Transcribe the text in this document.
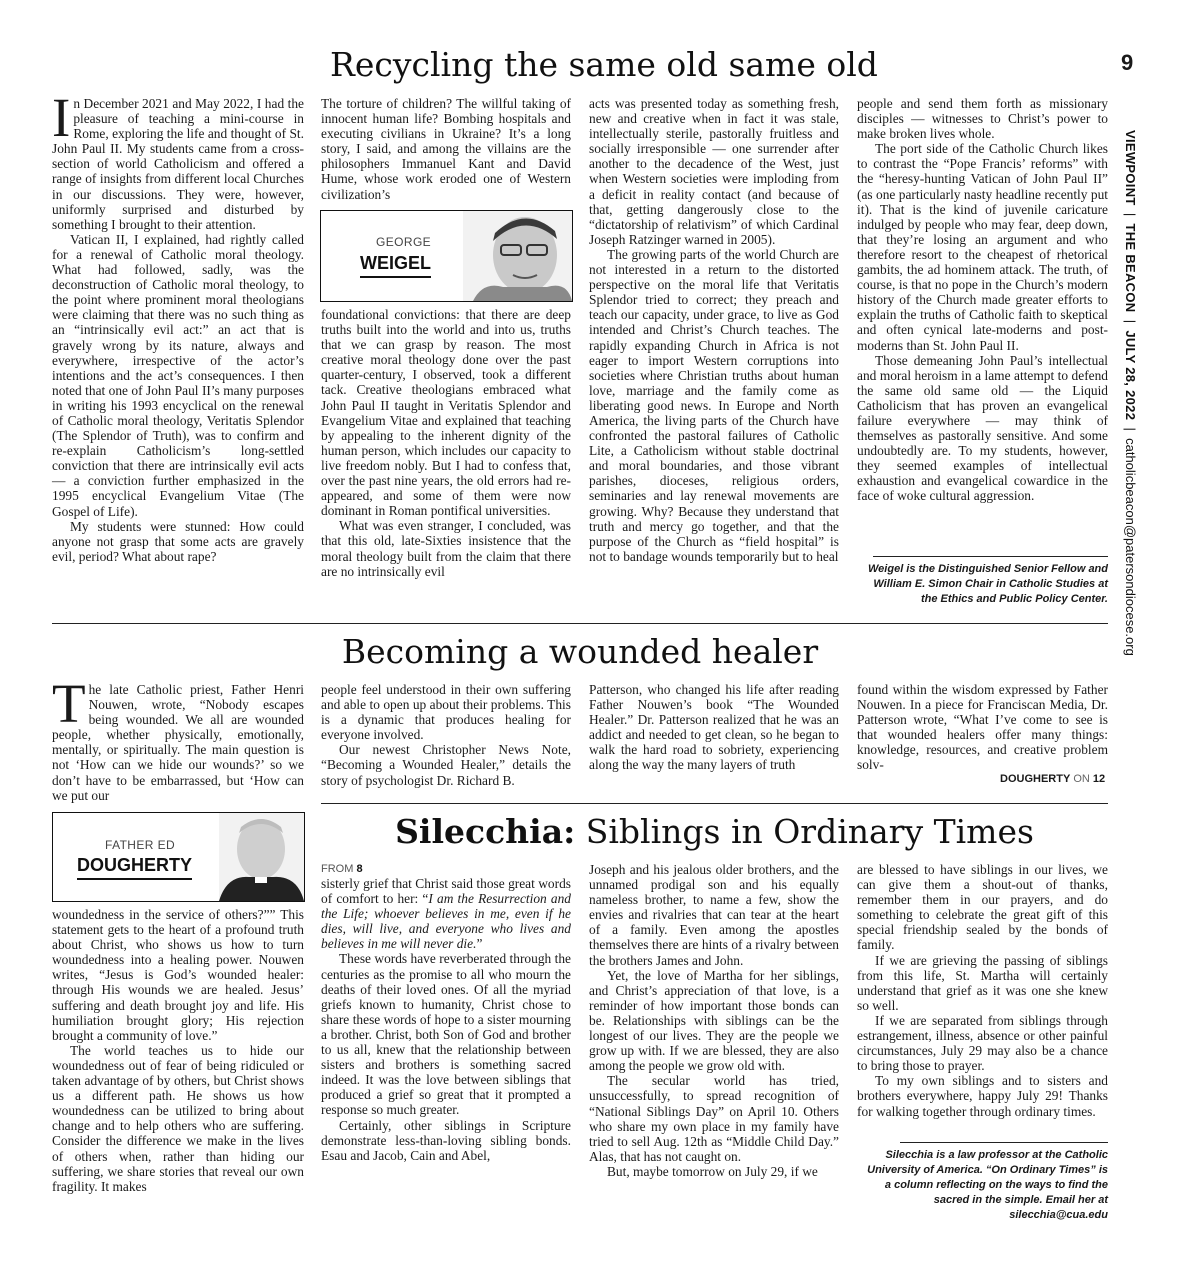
9
VIEWPOINT  |  THE BEACON  |  JULY 28, 2022  |  catholicbeacon@patersondiocese.org
Recycling the same old same old

In December 2021 and May 2022, I had the pleasure of teaching a mini-course in Rome, exploring the life and thought of St. John Paul II. My students came from a cross-section of world Catholicism and offered a range of insights from different local Churches in our discussions. They were, however, uniformly surprised and disturbed by something I brought to their attention.

Vatican II, I explained, had rightly called for a renewal of Catholic moral theology. What had followed, sadly, was the deconstruction of Catholic moral theology, to the point where prominent moral theologians were claiming that there was no such thing as an “intrinsically evil act:” an act that is gravely wrong by its nature, always and everywhere, irrespective of the actor’s intentions and the act’s consequences. I then noted that one of John Paul II’s many purposes in writing his 1993 encyclical on the renewal of Catholic moral theology, Veritatis Splendor (The Splendor of Truth), was to confirm and re-explain Catholicism’s long-settled conviction that there are intrinsically evil acts — a conviction further emphasized in the 1995 encyclical Evangelium Vitae (The Gospel of Life).

My students were stunned: How could anyone not grasp that some acts are gravely evil, period? What about rape?

The torture of children? The willful taking of innocent human life? Bombing hospitals and executing civilians in Ukraine? It’s a long story, I said, and among the villains are the philosophers Immanuel Kant and David Hume, whose work eroded one of Western civilization’s

GEORGE
WEIGEL

foundational convictions: that there are deep truths built into the world and into us, truths that we can grasp by reason. The most creative moral theology done over the past quarter-century, I observed, took a different tack. Creative theologians embraced what John Paul II taught in Veritatis Splendor and Evangelium Vitae and explained that teaching by appealing to the inherent dignity of the human person, which includes our capacity to live freedom nobly. But I had to confess that, over the past nine years, the old errors had re-appeared, and some of them were now dominant in Roman pontifical universities.

What was even stranger, I concluded, was that this old, late-Sixties insistence that the moral theology built from the claim that there are no intrinsically evil

acts was presented today as something fresh, new and creative when in fact it was stale, intellectually sterile, pastorally fruitless and socially irresponsible — one surrender after another to the decadence of the West, just when Western societies were imploding from a deficit in reality contact (and because of that, getting dangerously close to the “dictatorship of relativism” of which Cardinal Joseph Ratzinger warned in 2005).

The growing parts of the world Church are not interested in a return to the distorted perspective on the moral life that Veritatis Splendor tried to correct; they preach and teach our capacity, under grace, to live as God intended and Christ’s Church teaches. The rapidly expanding Church in Africa is not eager to import Western corruptions into societies where Christian truths about human love, marriage and the family come as liberating good news. In Europe and North America, the living parts of the Church have confronted the pastoral failures of Catholic Lite, a Catholicism without stable doctrinal and moral boundaries, and those vibrant parishes, dioceses, religious orders, seminaries and lay renewal movements are growing. Why? Because they understand that truth and mercy go together, and that the purpose of the Church as “field hospital” is not to bandage wounds temporarily but to heal

people and send them forth as missionary disciples — witnesses to Christ’s power to make broken lives whole.

The port side of the Catholic Church likes to contrast the “Pope Francis’ reforms” with the “heresy-hunting Vatican of John Paul II” (as one particularly nasty headline recently put it). That is the kind of juvenile caricature indulged by people who may fear, deep down, that they’re losing an argument and who therefore resort to the cheapest of rhetorical gambits, the ad hominem attack. The truth, of course, is that no pope in the Church’s modern history of the Church made greater efforts to explain the truths of Catholic faith to skeptical and often cynical late-moderns and post-moderns than St. John Paul II.

Those demeaning John Paul’s intellectual and moral heroism in a lame attempt to defend the same old same old — the Liquid Catholicism that has proven an evangelical failure everywhere — may think of themselves as pastorally sensitive. And some undoubtedly are. To my students, however, they seemed examples of intellectual exhaustion and evangelical cowardice in the face of woke cultural aggression.

Weigel is the Distinguished Senior Fellow and William E. Simon Chair in Catholic Studies at the Ethics and Public Policy Center.
Becoming a wounded healer

The late Catholic priest, Father Henri Nouwen, wrote, “Nobody escapes being wounded. We all are wounded people, whether physically, emotionally, mentally, or spiritually. The main question is not ‘How can we hide our wounds?’ so we don’t have to be embarrassed, but ‘How can we put our

people feel understood in their own suffering and able to open up about their problems. This is a dynamic that produces healing for everyone involved.

Our newest Christopher News Note, “Becoming a Wounded Healer,” details the story of psychologist Dr. Richard B.

Patterson, who changed his life after reading Father Nouwen’s book “The Wounded Healer.” Dr. Patterson realized that he was an addict and needed to get clean, so he began to walk the hard road to sobriety, experiencing along the way the many layers of truth

found within the wisdom expressed by Father Nouwen. In a piece for Franciscan Media, Dr. Patterson wrote, “What I’ve come to see is that wounded healers offer many things: knowledge, resources, and creative problem solv-

DOUGHERTY ON 12
FATHER ED
DOUGHERTY

woundedness in the service of others?”” This statement gets to the heart of a profound truth about Christ, who shows us how to turn woundedness into a healing power. Nouwen writes, “Jesus is God’s wounded healer: through His wounds we are healed. Jesus’ suffering and death brought joy and life. His humiliation brought glory; His rejection brought a community of love.”

The world teaches us to hide our woundedness out of fear of being ridiculed or taken advantage of by others, but Christ shows us a different path. He shows us how woundedness can be utilized to bring about change and to help others who are suffering. Consider the difference we make in the lives of others when, rather than hiding our suffering, we share stories that reveal our own fragility. It makes

Silecchia: Siblings in Ordinary Times
FROM 8

sisterly grief that Christ said those great words of comfort to her: “I am the Resurrection and the Life; whoever believes in me, even if he dies, will live, and everyone who lives and believes in me will never die.”

These words have reverberated through the centuries as the promise to all who mourn the deaths of their loved ones. Of all the myriad griefs known to humanity, Christ chose to share these words of hope to a sister mourning a brother. Christ, both Son of God and brother to us all, knew that the relationship between sisters and brothers is something sacred indeed. It was the love between siblings that produced a grief so great that it prompted a response so much greater.

Certainly, other siblings in Scripture demonstrate less-than-loving sibling bonds. Esau and Jacob, Cain and Abel,

Joseph and his jealous older brothers, and the unnamed prodigal son and his equally nameless brother, to name a few, show the envies and rivalries that can tear at the heart of a family. Even among the apostles themselves there are hints of a rivalry between the brothers James and John.

Yet, the love of Martha for her siblings, and Christ’s appreciation of that love, is a reminder of how important those bonds can be. Relationships with siblings can be the longest of our lives. They are the people we grow up with. If we are blessed, they are also among the people we grow old with.

The secular world has tried, unsuccessfully, to spread recognition of “National Siblings Day” on April 10. Others who share my own place in my family have tried to sell Aug. 12th as “Middle Child Day.” Alas, that has not caught on.

But, maybe tomorrow on July 29, if we

are blessed to have siblings in our lives, we can give them a shout-out of thanks, remember them in our prayers, and do something to celebrate the great gift of this special friendship sealed by the bonds of family.

If we are grieving the passing of siblings from this life, St. Martha will certainly understand that grief as it was one she knew so well.

If we are separated from siblings through estrangement, illness, absence or other painful circumstances, July 29 may also be a chance to bring those to prayer.

To my own siblings and to sisters and brothers everywhere, happy July 29! Thanks for walking together through ordinary times.

Silecchia is a law professor at the Catholic University of America. “On Ordinary Times” is a column reflecting on the ways to find the sacred in the simple. Email her at silecchia@cua.edu
